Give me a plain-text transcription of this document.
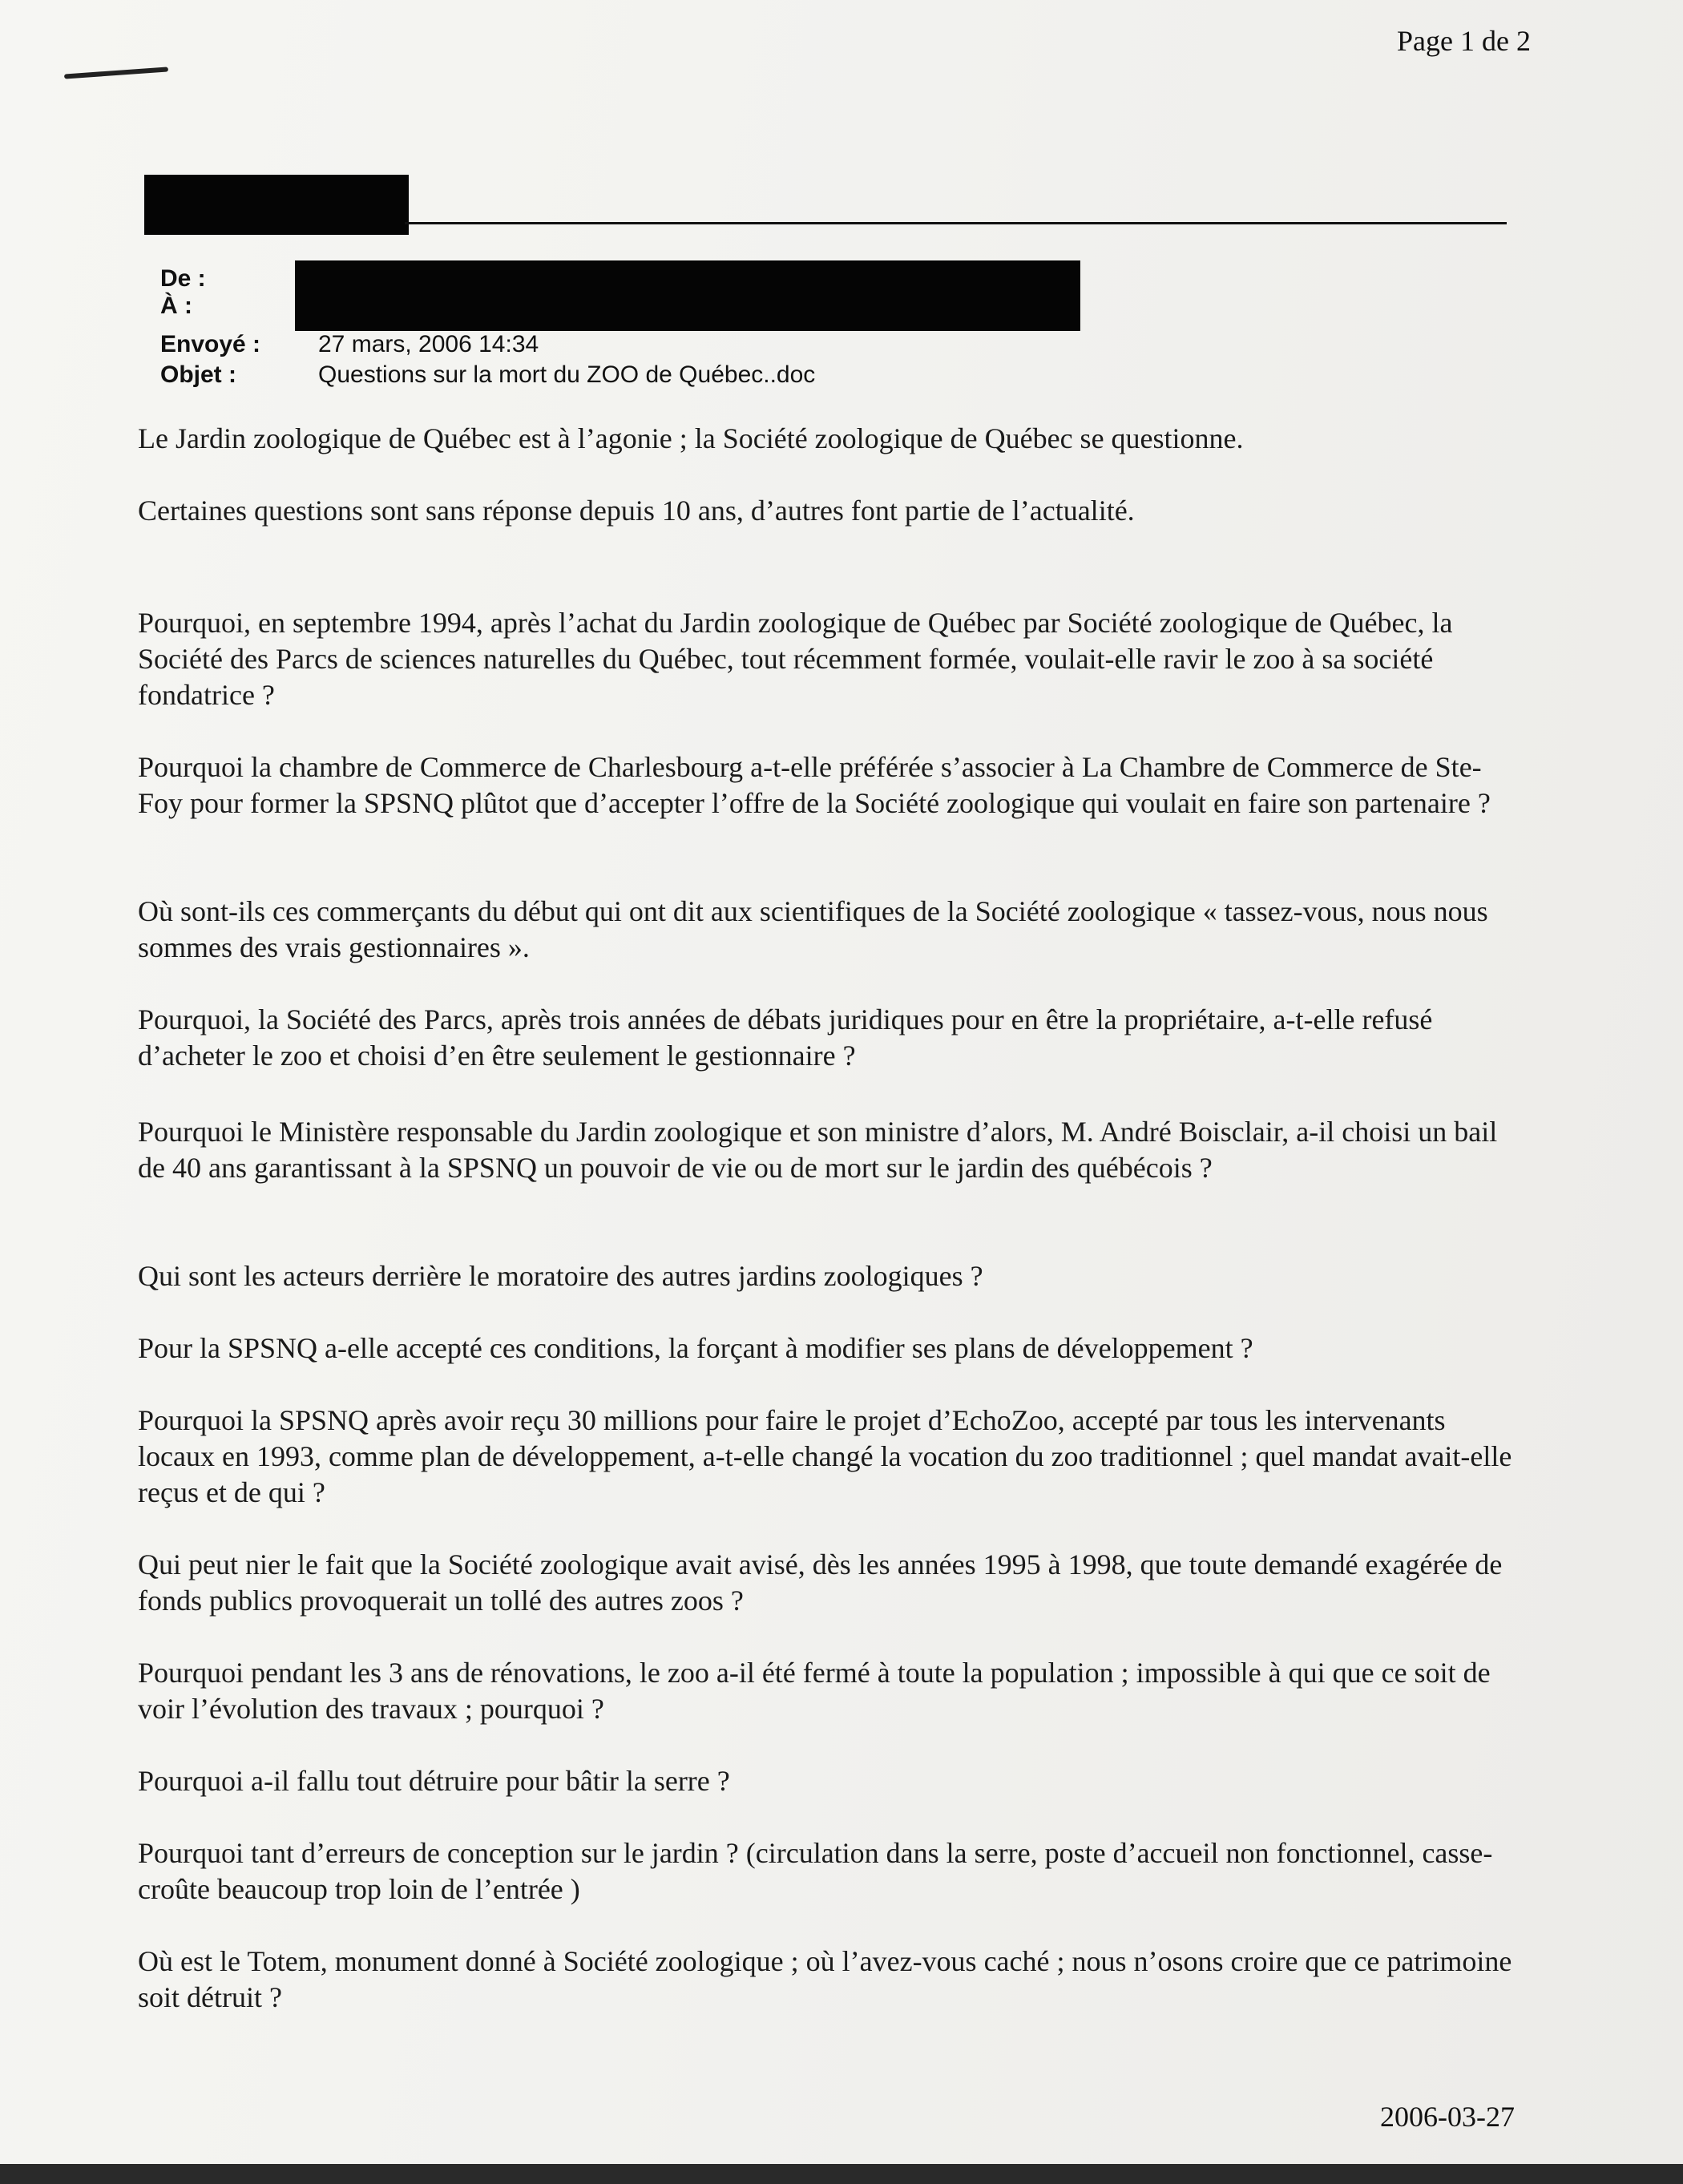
Page 1 de 2
De :
À :
Envoyé : 27 mars, 2006 14:34
Objet :	Questions sur la mort du ZOO de Québec..doc

Le Jardin zoologique de Québec est à l’agonie ; la Société zoologique de Québec se questionne.

Certaines questions sont sans réponse depuis 10 ans, d’autres font partie de l’actualité.

Pourquoi, en septembre 1994, après l’achat du Jardin zoologique de Québec par Société zoologique de Québec, la Société des Parcs de sciences naturelles du Québec, tout récemment formée, voulait-elle ravir le zoo à sa société fondatrice ?

Pourquoi la chambre de Commerce de Charlesbourg a-t-elle préférée s’associer à La Chambre de Commerce de Ste-Foy pour former la SPSNQ plûtot que d’accepter l’offre de la Société zoologique qui voulait en faire son partenaire ?

Où sont-ils ces commerçants du début qui ont dit aux scientifiques de la Société zoologique « tassez-vous, nous nous sommes des vrais gestionnaires ».

Pourquoi, la Société des Parcs, après trois années de débats juridiques pour en être la propriétaire, a-t-elle refusé d’acheter le zoo et choisi d’en être seulement le gestionnaire ?

Pourquoi le Ministère responsable du Jardin zoologique et son ministre d’alors, M. André Boisclair, a-il choisi un bail de 40 ans garantissant à la SPSNQ un pouvoir de vie ou de mort sur le jardin des québécois ?

Qui sont les acteurs derrière le moratoire des autres jardins zoologiques ?

Pour la SPSNQ a-elle accepté ces conditions, la forçant à modifier ses plans de développement ?

Pourquoi la SPSNQ après avoir reçu 30 millions pour faire le projet d’EchoZoo, accepté par tous les intervenants locaux en 1993, comme plan de développement, a-t-elle changé la vocation du zoo traditionnel ; quel mandat avait-elle reçus et de qui ?

Qui peut nier le fait que la Société zoologique avait avisé, dès les années 1995 à 1998, que toute demandé exagérée de fonds publics provoquerait un tollé des autres zoos ?

Pourquoi pendant les 3 ans de rénovations, le zoo a-il été fermé à toute la population ; impossible à qui que ce soit de voir l’évolution des travaux ; pourquoi ?

Pourquoi a-il fallu tout détruire pour bâtir la serre ?

Pourquoi tant d’erreurs de conception sur le jardin ? (circulation dans la serre, poste d’accueil non fonctionnel, casse-croûte beaucoup trop loin de l’entrée )

Où est le Totem, monument donné à Société zoologique ; où l’avez-vous caché ; nous n’osons croire que ce patrimoine soit détruit ?

2006-03-27
